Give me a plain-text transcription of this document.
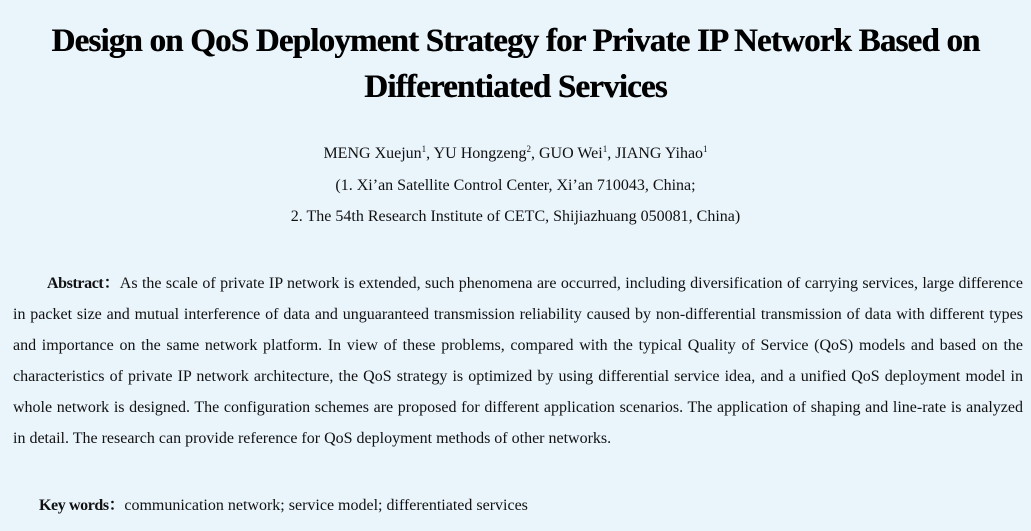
Design on QoS Deployment Strategy for Private IP Network Based on Differentiated Services
MENG Xuejun$^1$, YU Hongzeng$^2$, GUO Wei$^1$, JIANG Yihao$^1$
(1. Xi’an Satellite Control Center, Xi’an 710043, China;
2. The 54th Research Institute of CETC, Shijiazhuang 050081, China)
Abstract：As the scale of private IP network is extended, such phenomena are occurred, including diversification of carrying services, large difference in packet size and mutual interference of data and unguaranteed transmission reliability caused by non-differential transmission of data with different types and importance on the same network platform. In view of these problems, compared with the typical Quality of Service (QoS) models and based on the characteristics of private IP network architecture, the QoS strategy is optimized by using differential service idea, and a unified QoS deployment model in whole network is designed. The configuration schemes are proposed for different application scenarios. The application of shaping and line-rate is analyzed in detail. The research can provide reference for QoS deployment methods of other networks.
Key words：communication network; service model; differentiated services
